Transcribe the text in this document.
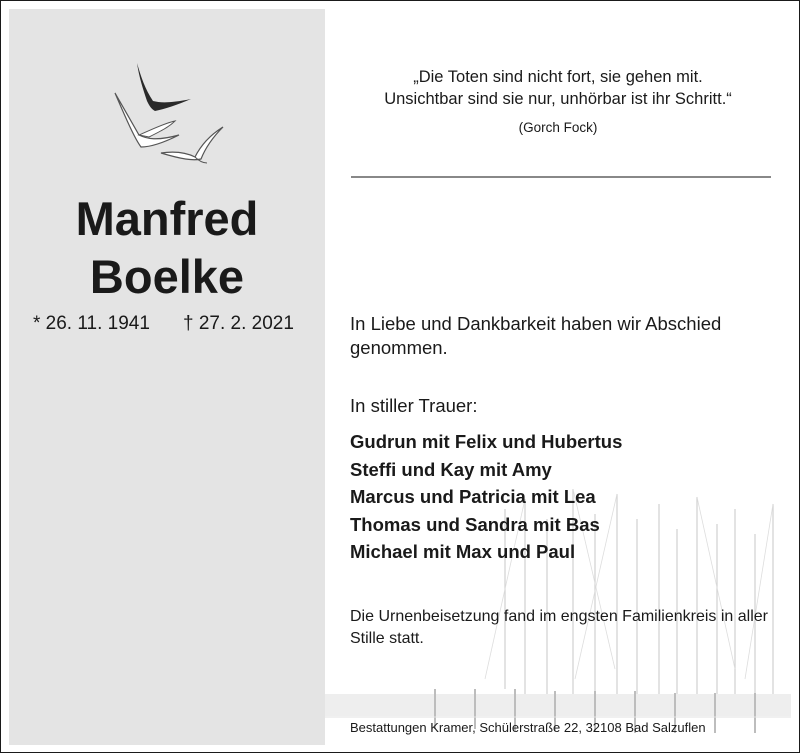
Manfred
Boelke
* 26. 11. 1941 † 27. 2. 2021
„Die Toten sind nicht fort, sie gehen mit.
Unsichtbar sind sie nur, unhörbar ist ihr Schritt.“
(Gorch Fock)
In Liebe und Dankbarkeit haben wir Abschied genommen.
In stiller Trauer:
Gudrun mit Felix und Hubertus
Steffi und Kay mit Amy
Marcus und Patricia mit Lea
Thomas und Sandra mit Bas
Michael mit Max und Paul
Die Urnenbeisetzung fand im engsten Familienkreis in aller Stille statt.
Bestattungen Kramer, Schülerstraße 22, 32108 Bad Salzuflen
